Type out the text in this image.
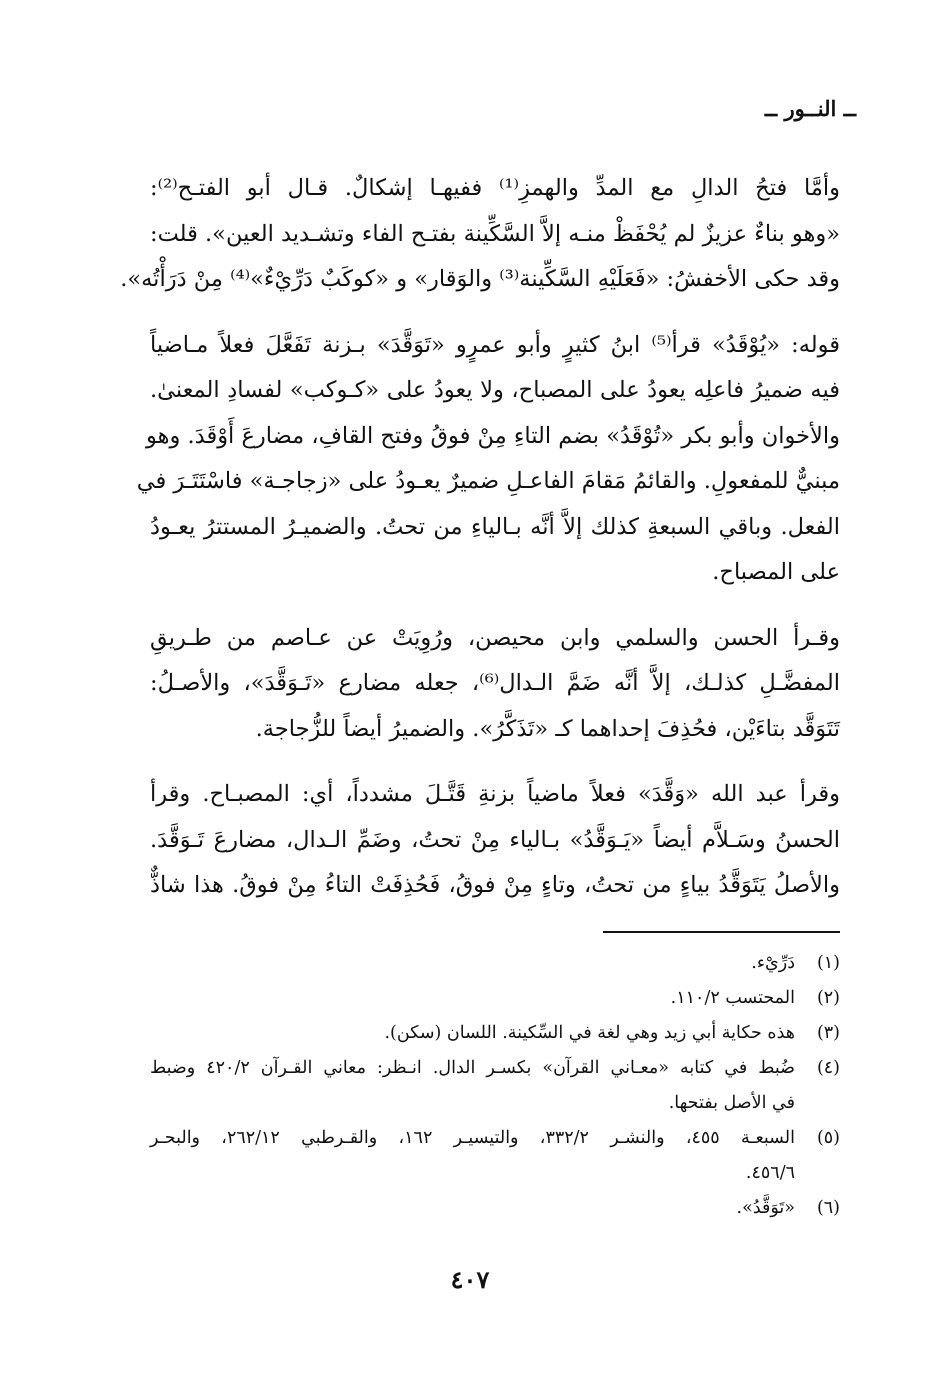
ــ النــور ــ

وأمَّا فتحُ الدالِ مع المدِّ والهمزِ⁽¹⁾ ففيهـا إشكالٌ. قـال أبو الفتـح⁽²⁾:

«وهو بناءٌ عزيزٌ لم يُحْفَظْ منـه إلاَّ السَّكِّينة بفتـح الفاء وتشـديد العين». قلت:

وقد حكى الأخفشُ: «فَعَلَيْهِ السَّكِّينة⁽³⁾ والوَقار» و «كوكَبٌ دَرِّيْءٌ»⁽⁴⁾ مِنْ دَرَأْتُه».

قوله: «يُوْقَدُ» قرأ⁽⁵⁾ ابنُ كثيرٍ وأبو عمرٍو «تَوَقَّدَ» بـزنة تَفَعَّلَ فعلاً مـاضياً

فيه ضميرُ فاعلِه يعودُ على المصباح، ولا يعودُ على «كـوكب» لفسادِ المعنىٰ.

والأخوان وأبو بكر «تُوْقَدُ» بضم التاءِ مِنْ فوقُ وفتح القافِ، مضارعَ أَوْقَدَ. وهو

مبنيٌّ للمفعولِ. والقائمُ مَقامَ الفاعـلِ ضميرٌ يعـودُ على «زجاجـة» فاسْتَتَـرَ في

الفعل. وباقي السبعةِ كذلك إلاَّ أنَّه بـالياءِ من تحتُ. والضميـرُ المستترُ يعـودُ

على المصباح.

وقـرأ الحسن والسلمي وابن محيصن، ورُوِيَتْ عن عـاصم من طـريقِ

المفضَّـلِ كذلـك، إلاَّ أنَّه ضَمَّ الـدال⁽⁶⁾، جعله مضارع «تَـوَقَّدَ»، والأصـلُ:

تَتَوَقَّد بتاءَيْن، فحُذِفَ إحداهما كـ «تَذَكَّرُ». والضميرُ أيضاً للزُّجاجة.

وقرأ عبد الله «وَقَّدَ» فعلاً ماضياً بزنةِ قَتَّـلَ مشدداً، أي: المصبـاح. وقرأ

الحسنُ وسَـلاَّم أيضاً «يَـوَقَّدُ» بـالياء مِنْ تحتُ، وضَمِّ الـدال، مضارعَ تَـوَقَّدَ.

والأصلُ يَتَوَقَّدُ بياءٍ من تحتُ، وتاءٍ مِنْ فوقُ، فَحُذِفَتْ التاءُ مِنْ فوقُ. هذا شاذٌّ

(١)

دَرِّيْء.

(٢)

المحتسب ١١٠/٢.

(٣)

هذه حكاية أبي زيد وهي لغة في السِّكينة. اللسان (سكن).

(٤)

ضُبط في كتابه «معـاني القرآن» بكسـر الدال. انـظر: معاني القـرآن ٤٢٠/٢ وضبط

في الأصل بفتحها.

(٥)

السبعـة ٤٥٥، والنشـر ٣٣٢/٢، والتيسيـر ١٦٢، والقـرطبي ٢٦٢/١٢، والبحـر

٤٥٦/٦.

(٦)

«تَوَقَّدُ».

٤٠٧
